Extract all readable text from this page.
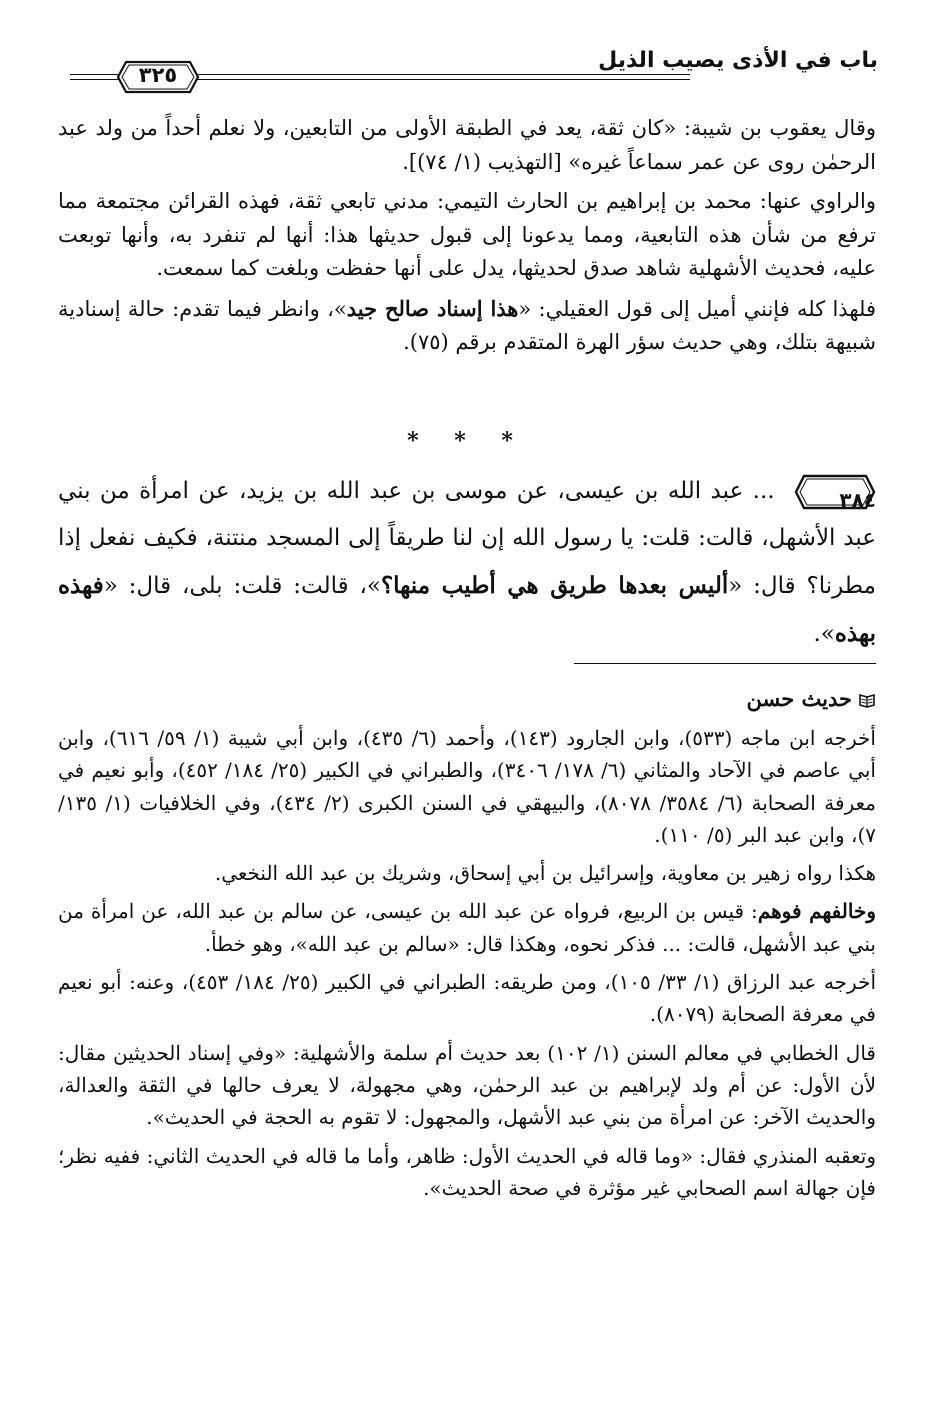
باب في الأذى يصيب الذيل
٣٢٥

وقال يعقوب بن شيبة: «كان ثقة، يعد في الطبقة الأولى من التابعين، ولا نعلم أحداً من ولد عبد الرحمٰن روى عن عمر سماعاً غيره» [التهذيب (١/ ٧٤)].

والراوي عنها: محمد بن إبراهيم بن الحارث التيمي: مدني تابعي ثقة، فهذه القرائن مجتمعة مما ترفع من شأن هذه التابعية، ومما يدعونا إلى قبول حديثها هذا: أنها لم تنفرد به، وأنها توبعت عليه، فحديث الأشهلية شاهد صدق لحديثها، يدل على أنها حفظت وبلغت كما سمعت.

فلهذا كله فإنني أميل إلى قول العقيلي: «هذا إسناد صالح جيد»، وانظر فيما تقدم: حالة إسنادية شبيهة بتلك، وهي حديث سؤر الهرة المتقدم برقم (٧٥).

* * *
٣٨٤
... عبد الله بن عيسى، عن موسى بن عبد الله بن يزيد، عن امرأة من بني عبد الأشهل، قالت: قلت: يا رسول الله إن لنا طريقاً إلى المسجد منتنة، فكيف نفعل إذا مطرنا؟ قال: «أليس بعدها طريق هي أطيب منها؟»، قالت: قلت: بلى، قال: «فهذه بهذه».
حديث حسن

أخرجه ابن ماجه (٥٣٣)، وابن الجارود (١٤٣)، وأحمد (٦/ ٤٣٥)، وابن أبي شيبة (١/ ٥٩/ ٦١٦)، وابن أبي عاصم في الآحاد والمثاني (٦/ ١٧٨/ ٣٤٠٦)، والطبراني في الكبير (٢٥/ ١٨٤/ ٤٥٢)، وأبو نعيم في معرفة الصحابة (٦/ ٣٥٨٤/ ٨٠٧٨)، والبيهقي في السنن الكبرى (٢/ ٤٣٤)، وفي الخلافيات (١/ ١٣٥/ ٧)، وابن عبد البر (٥/ ١١٠).

هكذا رواه زهير بن معاوية، وإسرائيل بن أبي إسحاق، وشريك بن عبد الله النخعي.

وخالفهم فوهم: قيس بن الربيع، فرواه عن عبد الله بن عيسى، عن سالم بن عبد الله، عن امرأة من بني عبد الأشهل، قالت: ... فذكر نحوه، وهكذا قال: «سالم بن عبد الله»، وهو خطأ.

أخرجه عبد الرزاق (١/ ٣٣/ ١٠٥)، ومن طريقه: الطبراني في الكبير (٢٥/ ١٨٤/ ٤٥٣)، وعنه: أبو نعيم في معرفة الصحابة (٨٠٧٩).

قال الخطابي في معالم السنن (١/ ١٠٢) بعد حديث أم سلمة والأشهلية: «وفي إسناد الحديثين مقال: لأن الأول: عن أم ولد لإبراهيم بن عبد الرحمٰن، وهي مجهولة، لا يعرف حالها في الثقة والعدالة، والحديث الآخر: عن امرأة من بني عبد الأشهل، والمجهول: لا تقوم به الحجة في الحديث».

وتعقبه المنذري فقال: «وما قاله في الحديث الأول: ظاهر، وأما ما قاله في الحديث الثاني: ففيه نظر؛ فإن جهالة اسم الصحابي غير مؤثرة في صحة الحديث».
